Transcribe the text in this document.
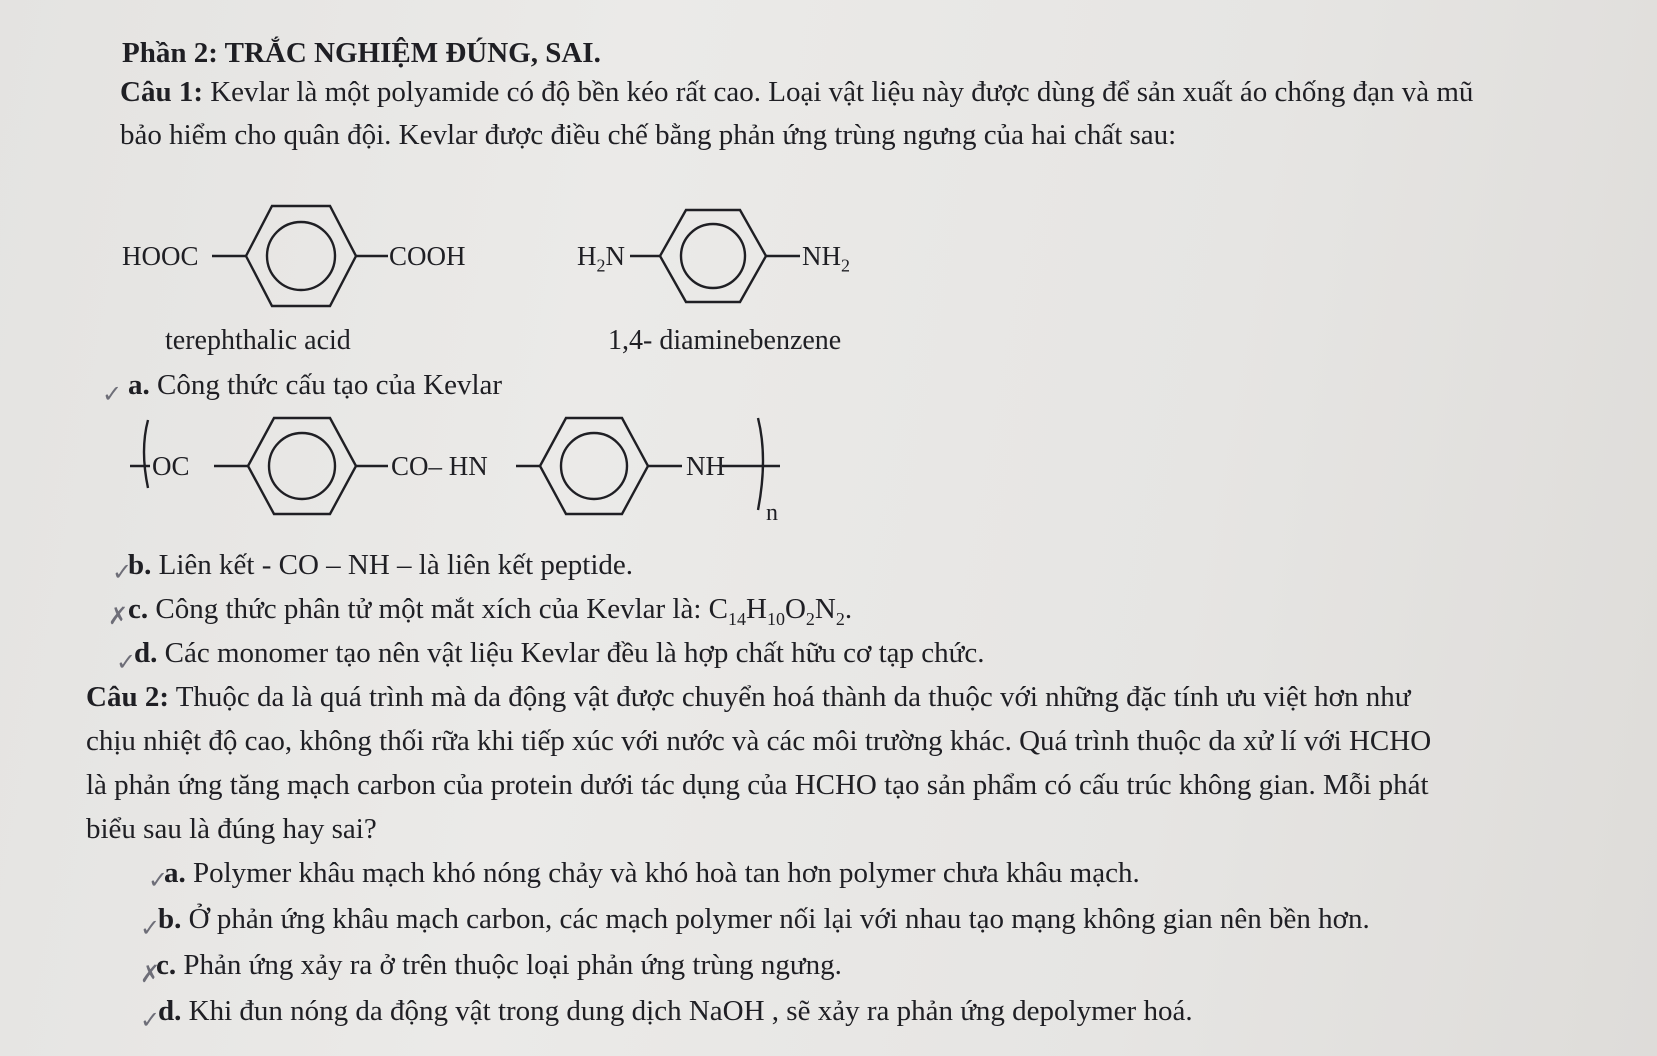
Phần 2: TRẮC NGHIỆM ĐÚNG, SAI.
Câu 1: Kevlar là một polyamide có độ bền kéo rất cao. Loại vật liệu này được dùng để sản xuất áo chống đạn và mũ
bảo hiểm cho quân đội. Kevlar được điều chế bằng phản ứng trùng ngưng của hai chất sau:
HOOC	COOH
terephthalic acid
$H_2N$	$NH_2$
1,4- diaminebenzene
✓ a. Công thức cấu tạo của Kevlar
OC	CO– HN	NH
n
✓
b. Liên kết - CO – NH – là liên kết peptide.
✗ c. Công thức phân tử một mắt xích của Kevlar là: $C_{14}H_{10}O_2N_2$.
✓
d. Các monomer tạo nên vật liệu Kevlar đều là hợp chất hữu cơ tạp chức.
Câu 2: Thuộc da là quá trình mà da động vật được chuyển hoá thành da thuộc với những đặc tính ưu việt hơn như
chịu nhiệt độ cao, không thối rữa khi tiếp xúc với nước và các môi trường khác. Quá trình thuộc da xử lí với HCHO
là phản ứng tăng mạch carbon của protein dưới tác dụng của HCHO tạo sản phẩm có cấu trúc không gian. Mỗi phát
biểu sau là đúng hay sai?
✓
a. Polymer khâu mạch khó nóng chảy và khó hoà tan hơn polymer chưa khâu mạch.
✓
b. Ở phản ứng khâu mạch carbon, các mạch polymer nối lại với nhau tạo mạng không gian nên bền hơn.
✗
c. Phản ứng xảy ra ở trên thuộc loại phản ứng trùng ngưng.
✓
d. Khi đun nóng da động vật trong dung dịch NaOH , sẽ xảy ra phản ứng depolymer hoá.
